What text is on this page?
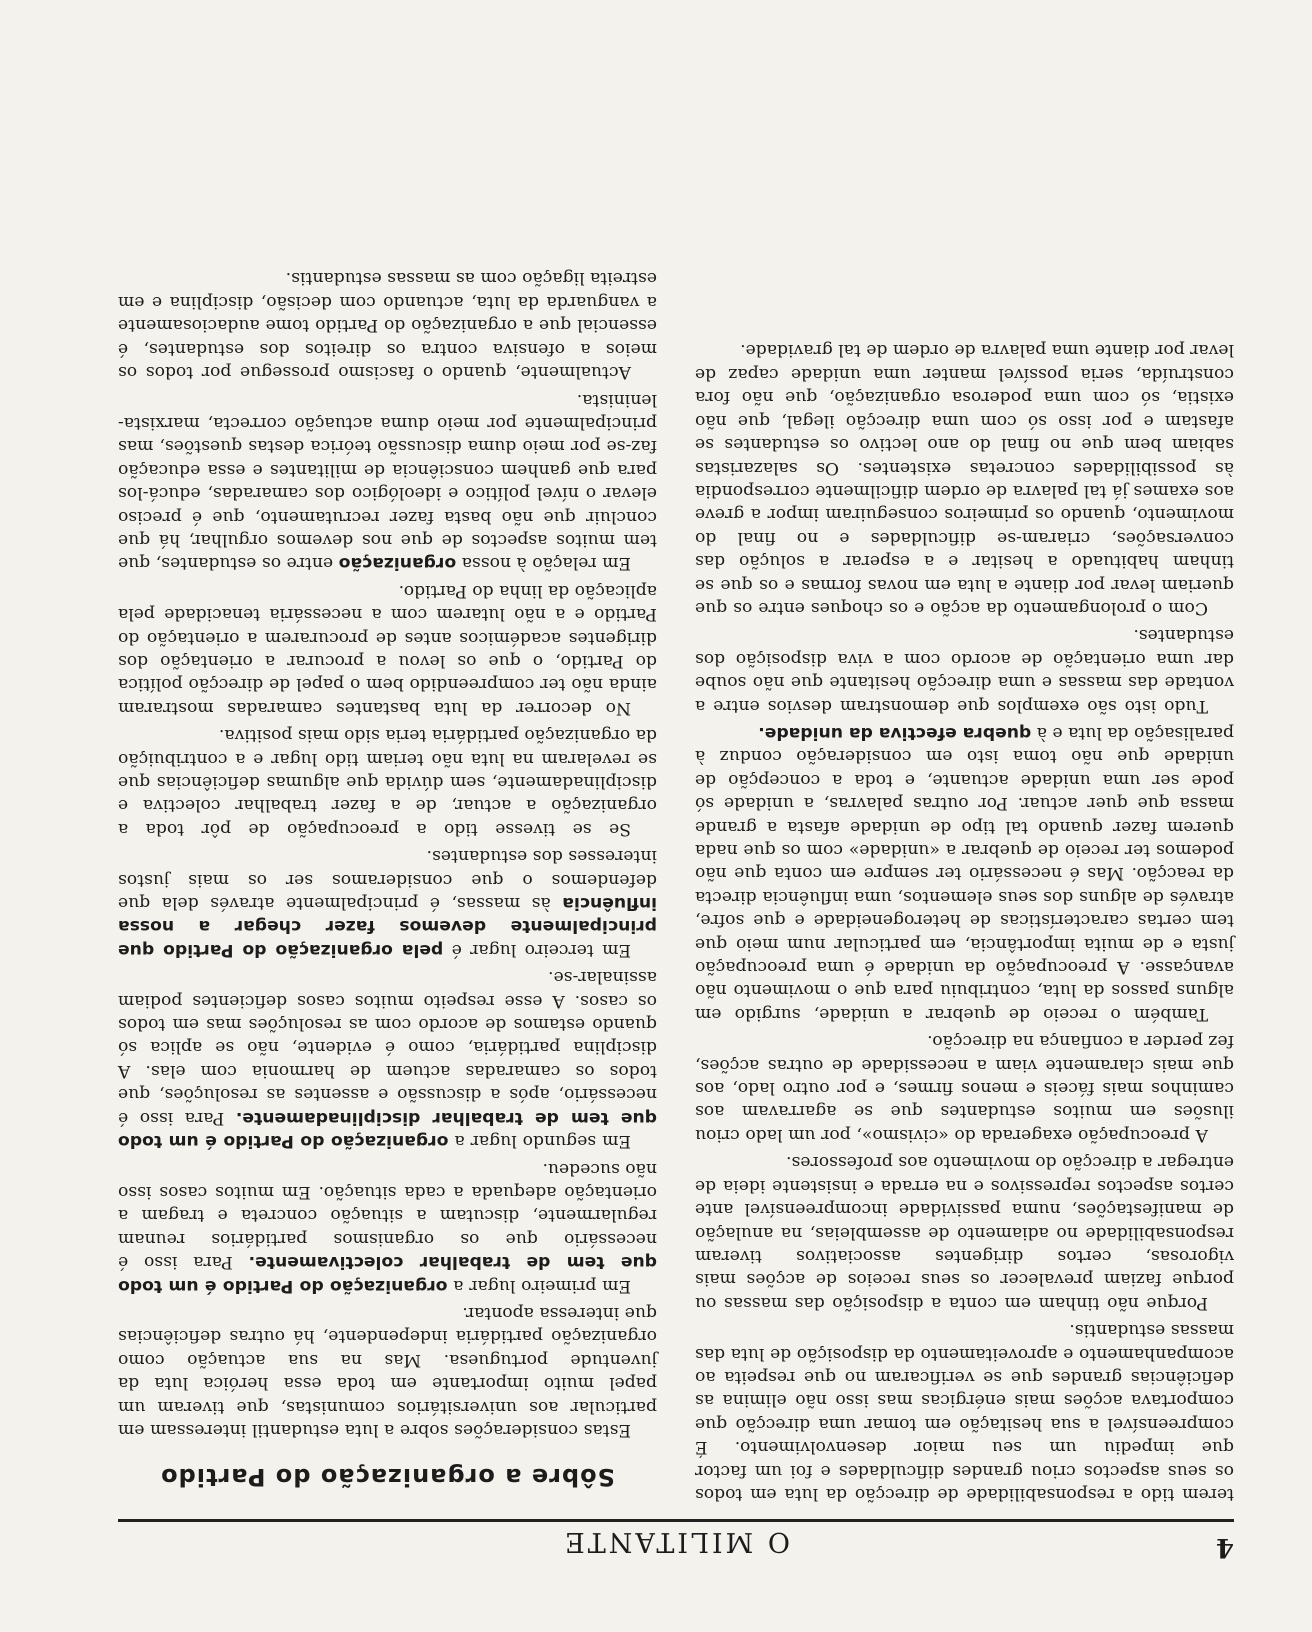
O MILITANTE	4

terem tido a responsabilidade de direcção da luta em todos os seus aspectos criou grandes dificuldades e foi um factor que impediu um seu maior desenvolvimento. É compreensível a sua hesitação em tomar uma direcção que comportava acções mais enérgicas mas isso não elimina as deficiências grandes que se verificaram no que respeita ao acompanhamento e aproveitamento da disposição de luta das massas estudantis.

Porque não tinham em conta a disposição das massas ou porque faziam prevalecer os seus receios de acções mais vigorosas, certos dirigentes associativos tiveram responsabilidade no adiamento de assembleias, na anulação de manifestações, numa passividade incompreensível ante certos aspectos repressivos e na errada e insistente ideia de entregar a direcção do movimento aos professores.

A preocupação exagerada do «civismo», por um lado criou ilusões em muitos estudantes que se agarravam aos caminhos mais fáceis e menos firmes, e por outro lado, aos que mais claramente viam a necessidade de outras acções, fez perder a confiança na direcção.

Também o receio de quebrar a unidade, surgido em alguns passos da luta, contribuiu para que o movimento não avançasse. A preocupação da unidade é uma preocupação justa e de muita importância, em particular num meio que tem certas características de heterogeneidade e que sofre, através de alguns dos seus elementos, uma influência directa da reacção. Mas é necessário ter sempre em conta que não podemos ter receio de quebrar a «unidade» com os que nada querem fazer quando tal tipo de unidade afasta a grande massa que quer actuar. Por outras palavras, a unidade só pode ser uma unidade actuante, e toda a concepção de unidade que não toma isto em consideração conduz à paralisação da luta e à quebra efectiva da unidade.

Tudo isto são exemplos que demonstram desvios entre a vontade das massas e uma direcção hesitante que não soube dar uma orientação de acordo com a viva disposição dos estudantes.

Com o prolongamento da acção e os choques entre os que queriam levar por diante a luta em novas formas e os que se tinham habituado a hesitar e a esperar a solução das conversações, criaram-se dificuldades e no final do movimento, quando os primeiros conseguiram impor a greve aos exames já tal palavra de ordem dificilmente correspondia às possibilidades concretas existentes. Os salazaristas sabiam bem que no final do ano lectivo os estudantes se afastam e por isso só com uma direcção ilegal, que não existia, só com uma poderosa organização, que não fora construída, seria possível manter uma unidade capaz de levar por diante uma palavra de ordem de tal gravidade.

Sôbre a organização do Partido

Estas considerações sobre a luta estudantil interessam em particular aos universitários comunistas, que tiveram um papel muito importante em toda essa heróica luta da juventude portuguesa. Mas na sua actuação como organização partidária independente, há outras deficiências que interessa apontar.

Em primeiro lugar a organização do Partido é um todo que tem de trabalhar colectivamente. Para isso é necessário que os organismos partidários reunam regularmente, discutam a situação concreta e tragam a orientação adequada a cada situação. Em muitos casos isso não sucedeu.

Em segundo lugar a organização do Partido é um todo que tem de trabalhar disciplinadamente. Para isso é necessário, após a discussão e assentes as resoluções, que todos os camaradas actuem de harmonia com elas. A disciplina partidária, como é evidente, não se aplica só quando estamos de acordo com as resoluções mas em todos os casos. A esse respeito muitos casos deficientes podiam assinalar-se.

Em terceiro lugar é pela organização do Partido que principalmente devemos fazer chegar a nossa influência às massas, é principalmente através dela que defendemos o que consideramos ser os mais justos interesses dos estudantes.

Se se tivesse tido a preocupação de pôr toda a organização a actuar, de a fazer trabalhar colectiva e disciplinadamente, sem dúvida que algumas deficiências que se revelaram na luta não teriam tido lugar e a contribuição da organização partidária teria sido mais positiva.

No decorrer da luta bastantes camaradas mostraram ainda não ter compreendido bem o papel de direcção política do Partido, o que os levou a procurar a orientação dos dirigentes académicos antes de procurarem a orientação do Partido e a não lutarem com a necessária tenacidade pela aplicação da linha do Partido.

Em relação à nossa organização entre os estudantes, que tem muitos aspectos de que nos devemos orgulhar, há que concluir que não basta fazer recrutamento, que é preciso elevar o nível político e ideológico dos camaradas, educá-los para que ganhem consciência de militantes e essa educação faz-se por meio duma discussão teórica destas questões, mas principalmente por meio duma actuação correcta, marxista-leninista.

Actualmente, quando o fascismo prossegue por todos os meios a ofensiva contra os direitos dos estudantes, é essencial que a organização do Partido tome audaciosamente a vanguarda da luta, actuando com decisão, disciplina e em estreita ligação com as massas estudantis.
